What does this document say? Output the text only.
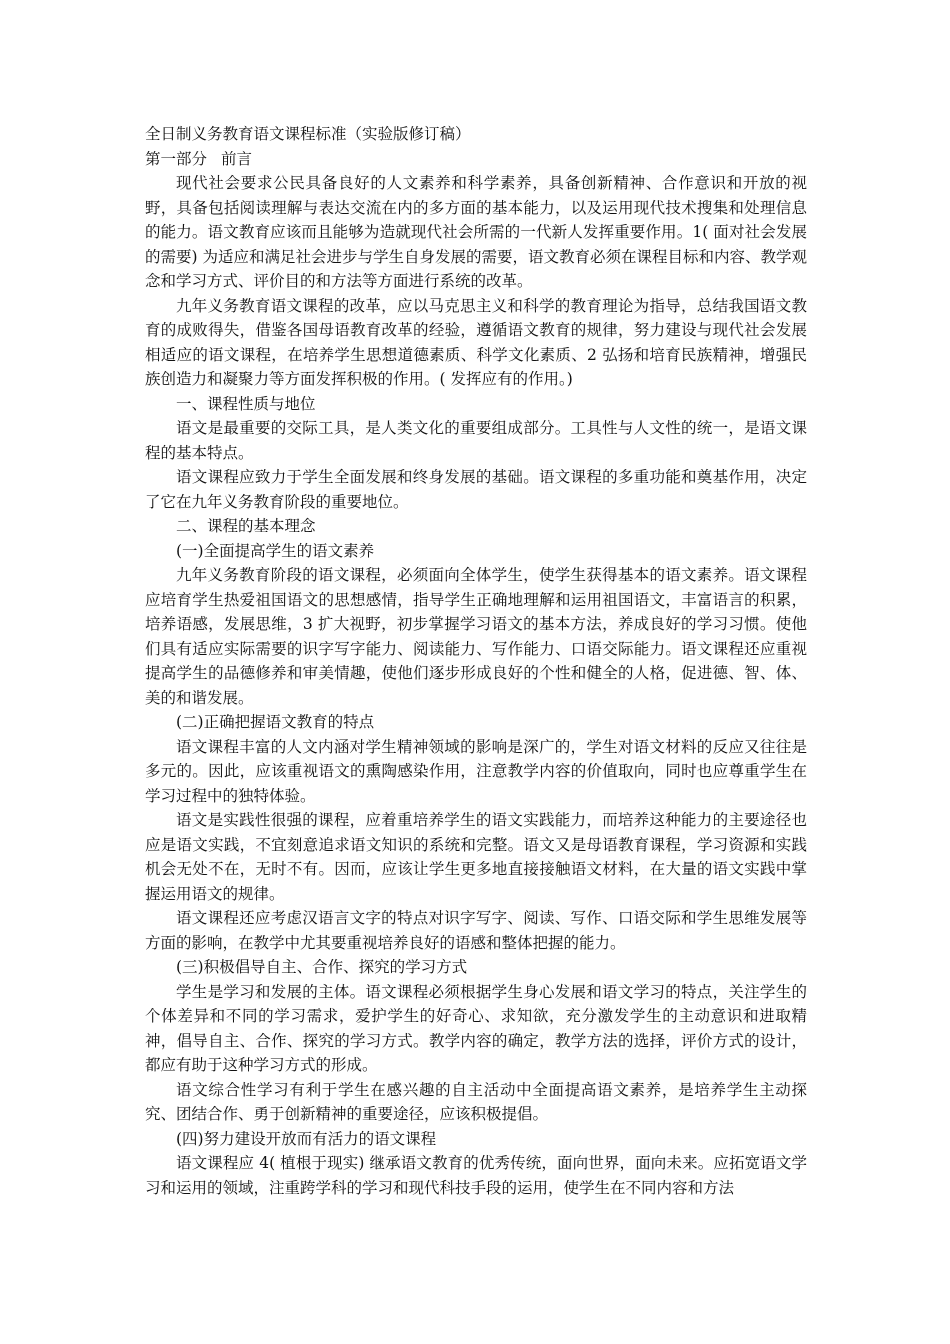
全日制义务教育语文课程标准（实验版修订稿）

第一部分 前言

现代社会要求公民具备良好的人文素养和科学素养，具备创新精神、合作意识和开放的视野，具备包括阅读理解与表达交流在内的多方面的基本能力，以及运用现代技术搜集和处理信息的能力。语文教育应该而且能够为造就现代社会所需的一代新人发挥重要作用。1( 面对社会发展的需要) 为适应和满足社会进步与学生自身发展的需要，语文教育必须在课程目标和内容、教学观念和学习方式、评价目的和方法等方面进行系统的改革。

九年义务教育语文课程的改革，应以马克思主义和科学的教育理论为指导，总结我国语文教育的成败得失，借鉴各国母语教育改革的经验，遵循语文教育的规律，努力建设与现代社会发展相适应的语文课程，在培养学生思想道德素质、科学文化素质、2 弘扬和培育民族精神，增强民族创造力和凝聚力等方面发挥积极的作用。( 发挥应有的作用。)

一、课程性质与地位

语文是最重要的交际工具，是人类文化的重要组成部分。工具性与人文性的统一，是语文课程的基本特点。

语文课程应致力于学生全面发展和终身发展的基础。语文课程的多重功能和奠基作用，决定了它在九年义务教育阶段的重要地位。

二、课程的基本理念

(一)全面提高学生的语文素养

九年义务教育阶段的语文课程，必须面向全体学生，使学生获得基本的语文素养。语文课程应培育学生热爱祖国语文的思想感情，指导学生正确地理解和运用祖国语文，丰富语言的积累，培养语感，发展思维，3 扩大视野，初步掌握学习语文的基本方法，养成良好的学习习惯。使他们具有适应实际需要的识字写字能力、阅读能力、写作能力、口语交际能力。语文课程还应重视提高学生的品德修养和审美情趣，使他们逐步形成良好的个性和健全的人格，促进德、智、体、美的和谐发展。

(二)正确把握语文教育的特点

语文课程丰富的人文内涵对学生精神领域的影响是深广的，学生对语文材料的反应又往往是多元的。因此，应该重视语文的熏陶感染作用，注意教学内容的价值取向，同时也应尊重学生在学习过程中的独特体验。

语文是实践性很强的课程，应着重培养学生的语文实践能力，而培养这种能力的主要途径也应是语文实践，不宜刻意追求语文知识的系统和完整。语文又是母语教育课程，学习资源和实践机会无处不在，无时不有。因而，应该让学生更多地直接接触语文材料，在大量的语文实践中掌握运用语文的规律。

语文课程还应考虑汉语言文字的特点对识字写字、阅读、写作、口语交际和学生思维发展等方面的影响，在教学中尤其要重视培养良好的语感和整体把握的能力。

(三)积极倡导自主、合作、探究的学习方式

学生是学习和发展的主体。语文课程必须根据学生身心发展和语文学习的特点，关注学生的个体差异和不同的学习需求，爱护学生的好奇心、求知欲，充分激发学生的主动意识和进取精神，倡导自主、合作、探究的学习方式。教学内容的确定，教学方法的选择，评价方式的设计，都应有助于这种学习方式的形成。

语文综合性学习有利于学生在感兴趣的自主活动中全面提高语文素养，是培养学生主动探究、团结合作、勇于创新精神的重要途径，应该积极提倡。

(四)努力建设开放而有活力的语文课程

语文课程应 4( 植根于现实) 继承语文教育的优秀传统，面向世界，面向未来。应拓宽语文学习和运用的领域，注重跨学科的学习和现代科技手段的运用，使学生在不同内容和方法
